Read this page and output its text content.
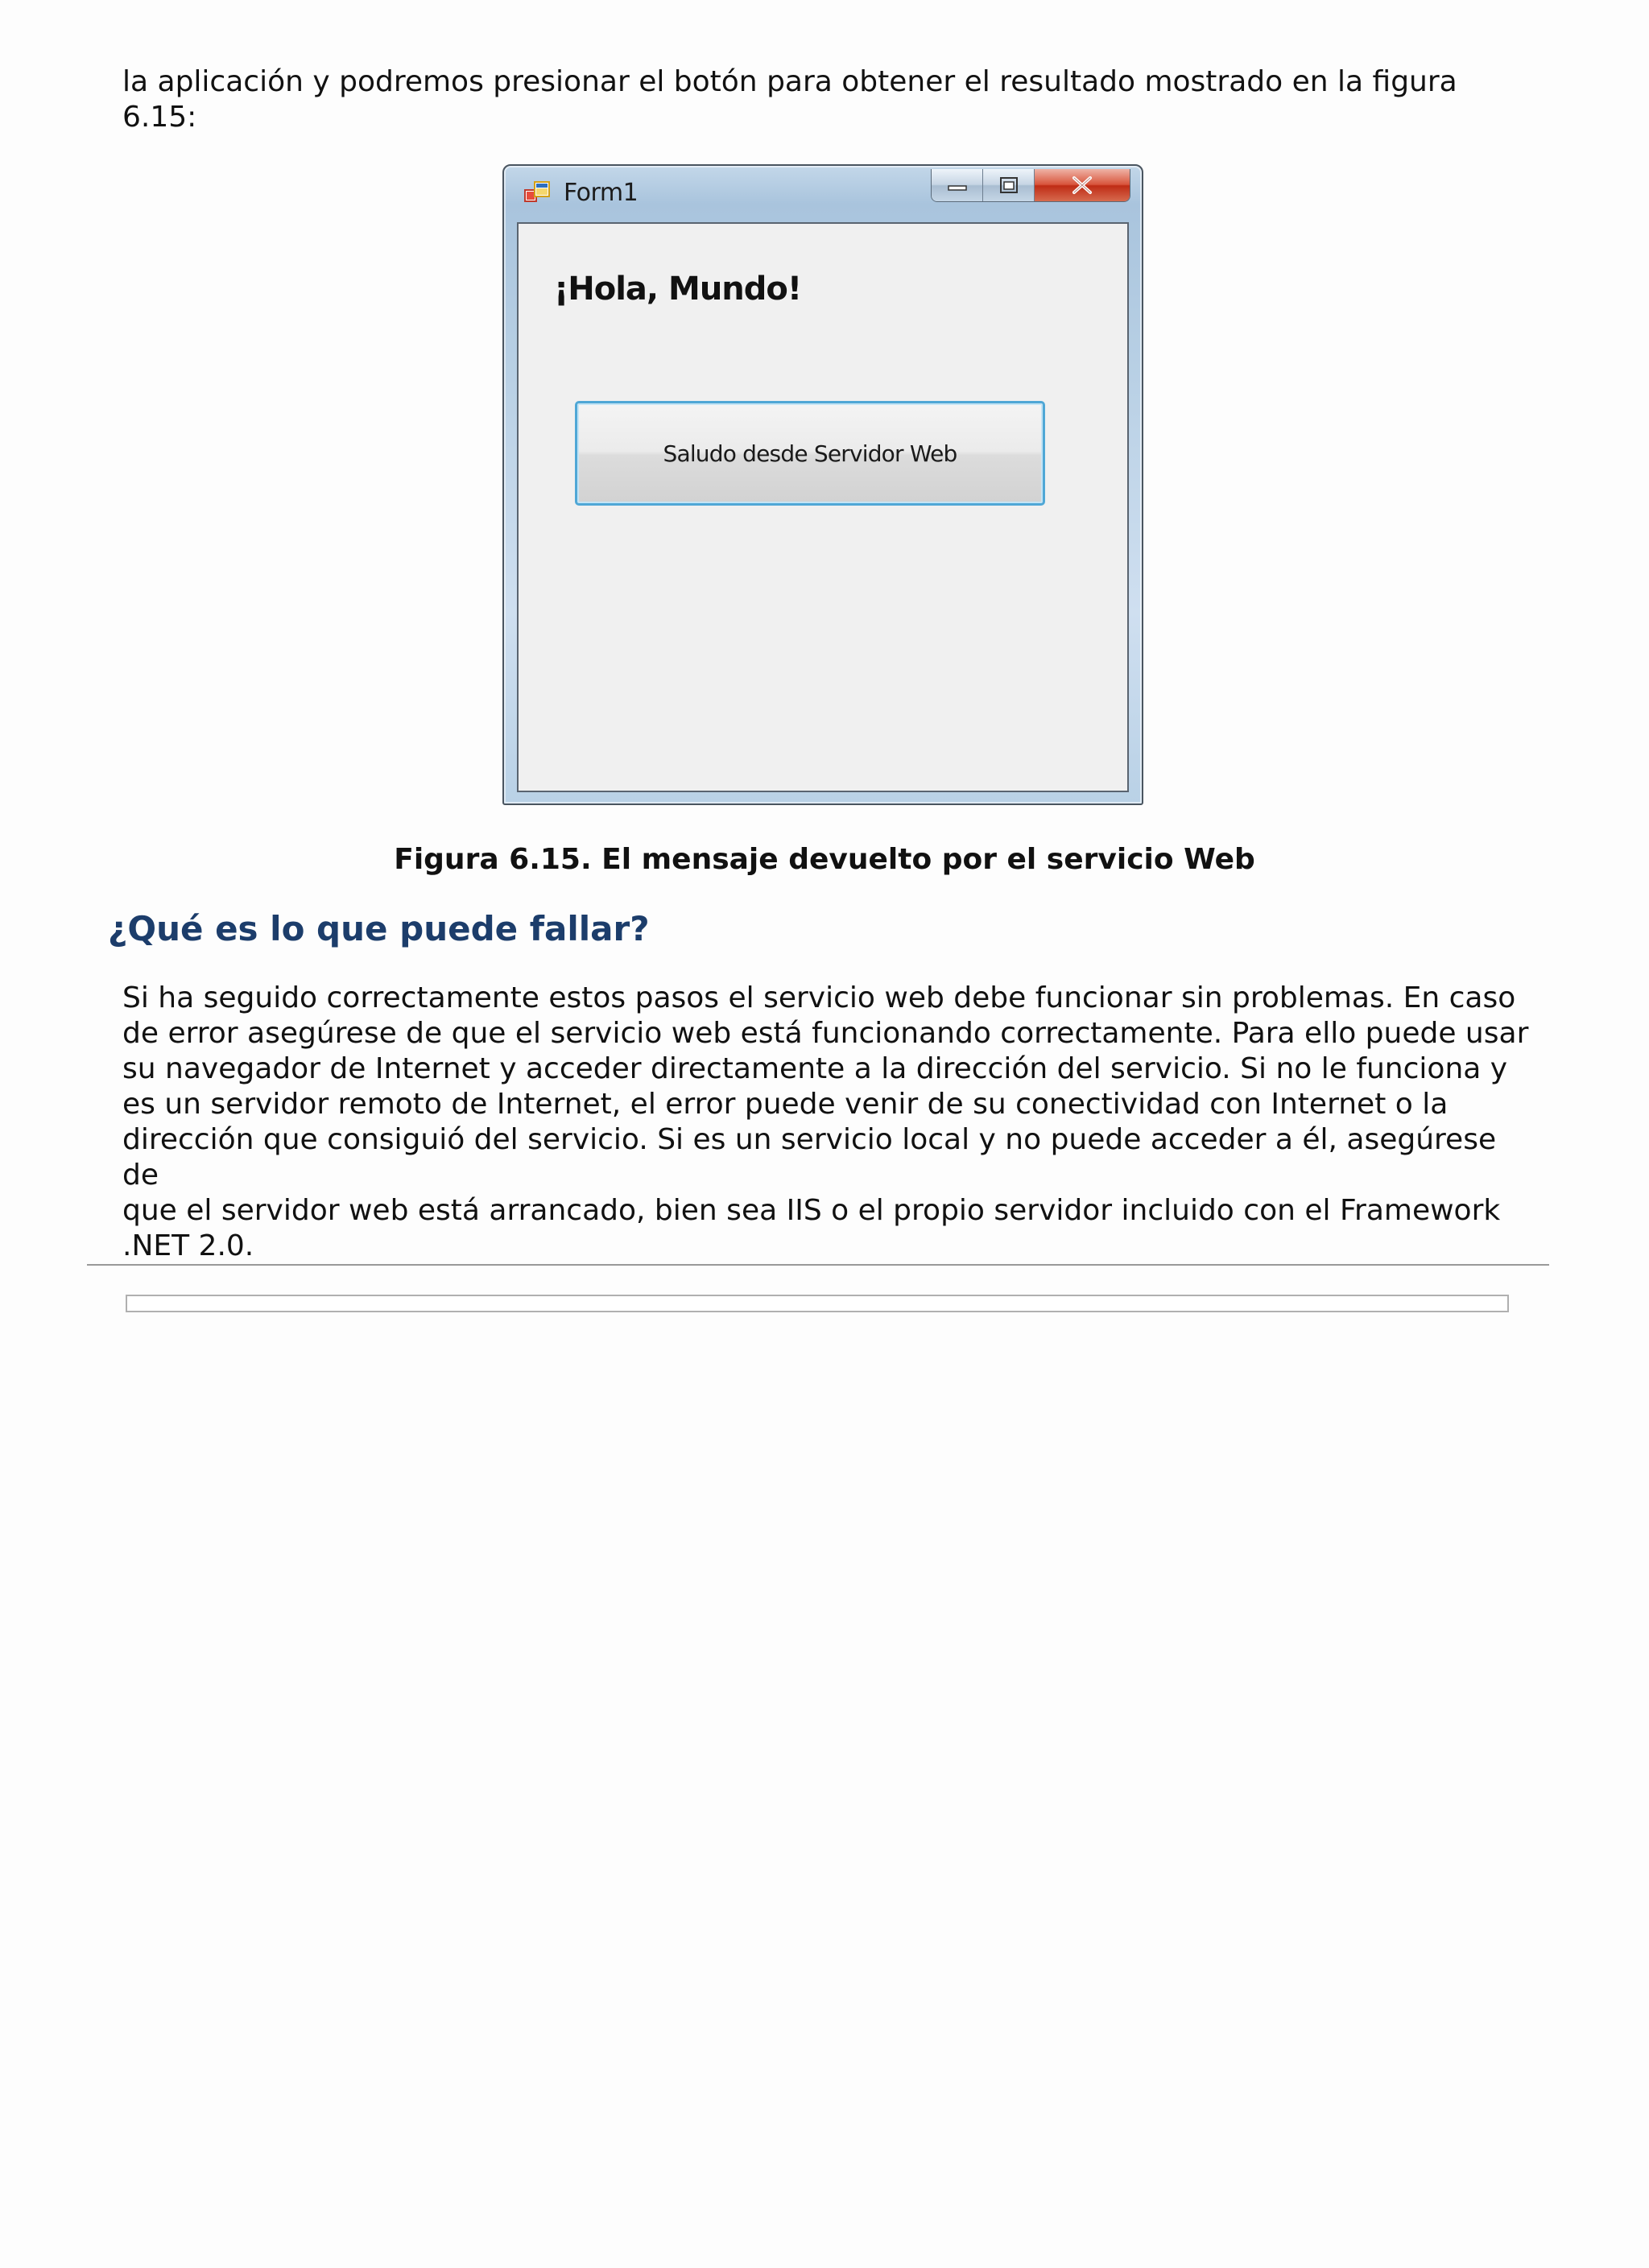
la aplicación y podremos presionar el botón para obtener el resultado mostrado en la figura
6.15:

Form1
¡Hola, Mundo!
Saludo desde Servidor Web
Figura 6.15. El mensaje devuelto por el servicio Web
¿Qué es lo que puede fallar?

Si ha seguido correctamente estos pasos el servicio web debe funcionar sin problemas. En caso
de error asegúrese de que el servicio web está funcionando correctamente. Para ello puede usar
su navegador de Internet y acceder directamente a la dirección del servicio. Si no le funciona y
es un servidor remoto de Internet, el error puede venir de su conectividad con Internet o la
dirección que consiguió del servicio. Si es un servicio local y no puede acceder a él, asegúrese de
que el servidor web está arrancado, bien sea IIS o el propio servidor incluido con el Framework
.NET 2.0.
